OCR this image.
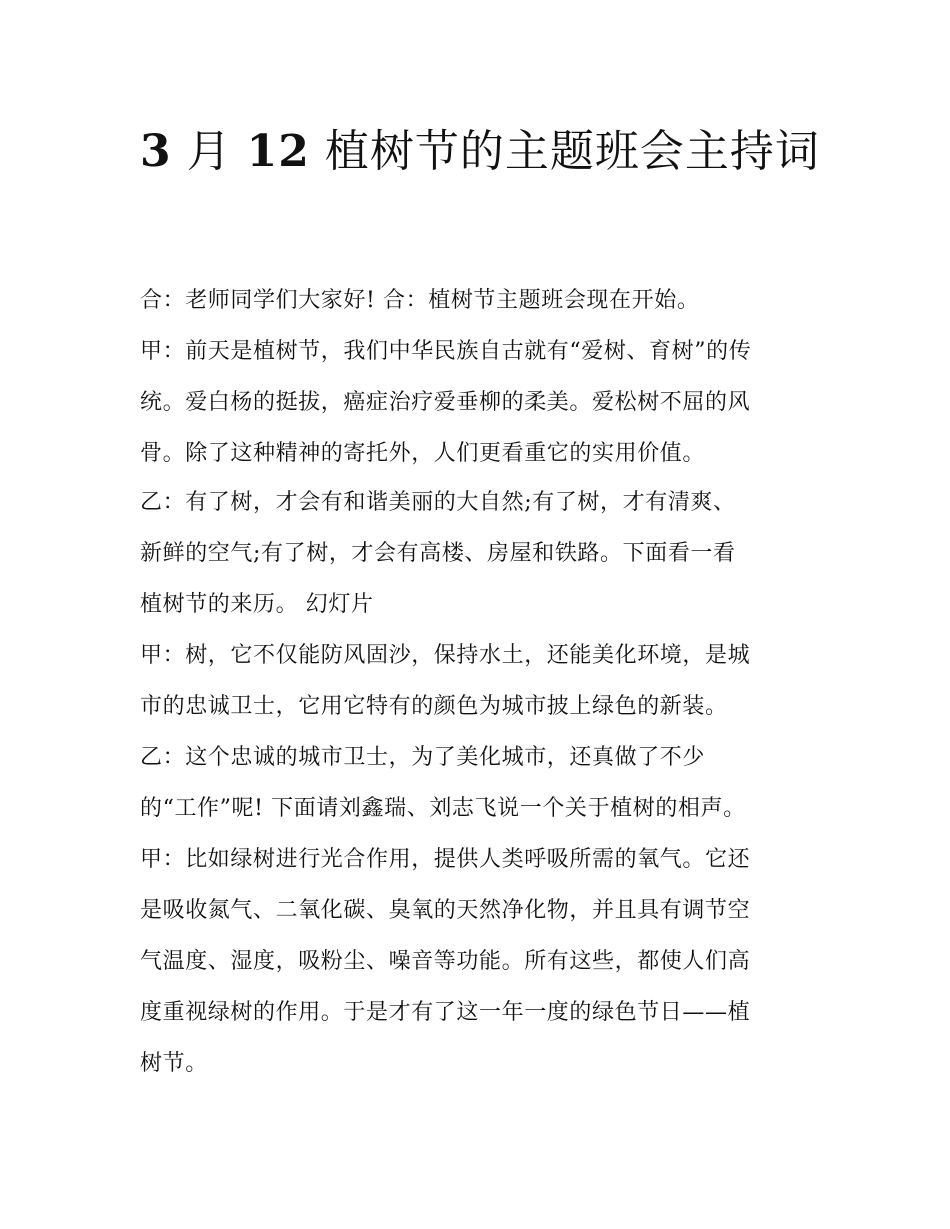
3 月 12 植树节的主题班会主持词

合：老师同学们大家好! 合：植树节主题班会现在开始。

甲：前天是植树节，我们中华民族自古就有“爱树、育树”的传

统。爱白杨的挺拔，癌症治疗爱垂柳的柔美。爱松树不屈的风

骨。除了这种精神的寄托外，人们更看重它的实用价值。

乙：有了树，才会有和谐美丽的大自然;有了树，才有清爽、

新鲜的空气;有了树，才会有高楼、房屋和铁路。下面看一看

植树节的来历。 幻灯片

甲：树，它不仅能防风固沙，保持水土，还能美化环境，是城

市的忠诚卫士，它用它特有的颜色为城市披上绿色的新装。

乙：这个忠诚的城市卫士，为了美化城市，还真做了不少

的“工作”呢! 下面请刘鑫瑞、刘志飞说一个关于植树的相声。

甲：比如绿树进行光合作用，提供人类呼吸所需的氧气。它还

是吸收氮气、二氧化碳、臭氧的天然净化物，并且具有调节空

气温度、湿度，吸粉尘、噪音等功能。所有这些，都使人们高

度重视绿树的作用。于是才有了这一年一度的绿色节日——植

树节。
